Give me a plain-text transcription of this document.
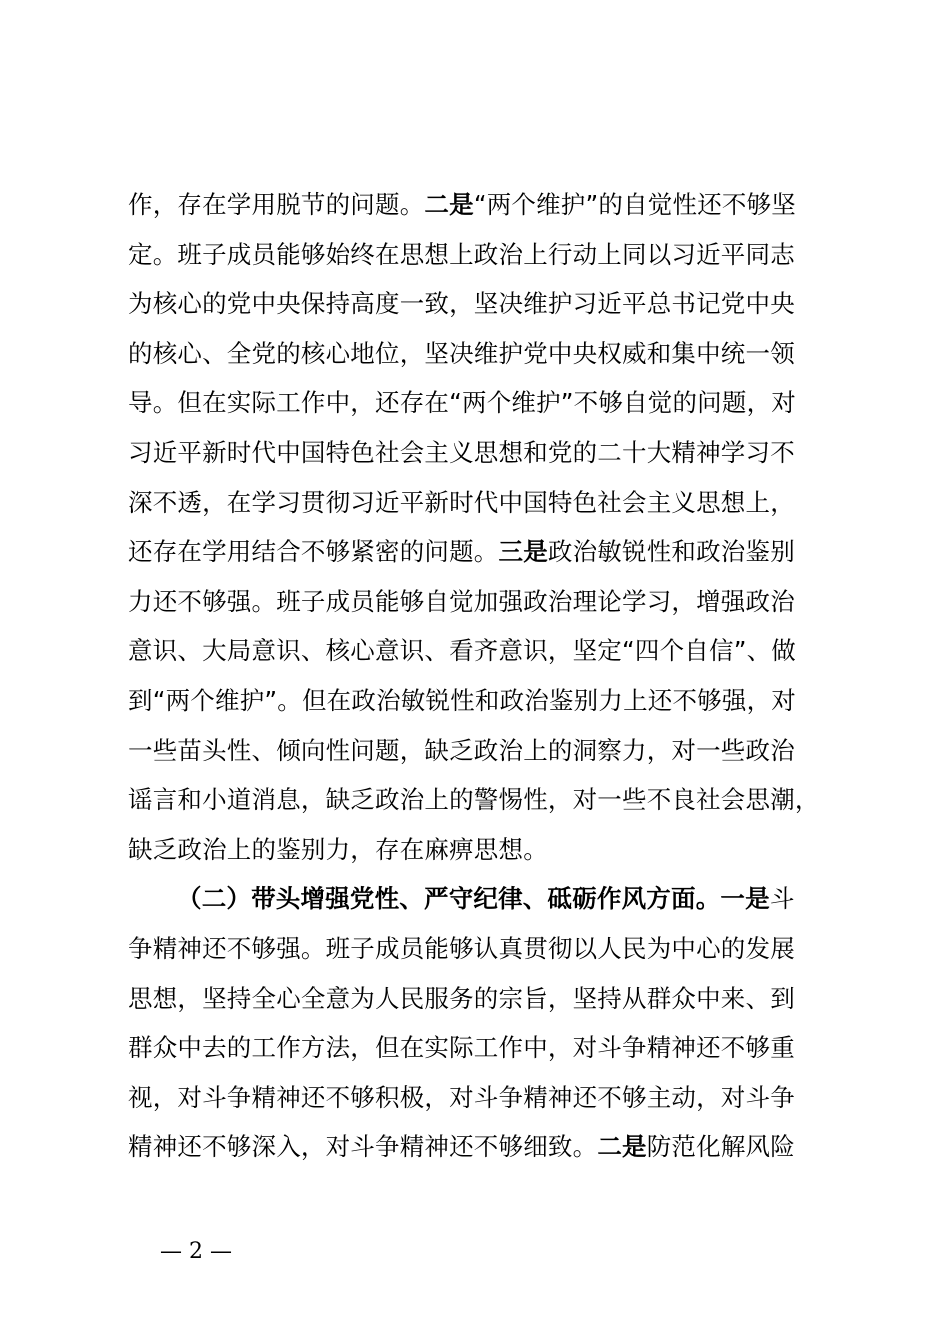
作，存在学用脱节的问题。二是“两个维护”的自觉性还不够坚
定。班子成员能够始终在思想上政治上行动上同以习近平同志
为核心的党中央保持高度一致，坚决维护习近平总书记党中央
的核心、全党的核心地位，坚决维护党中央权威和集中统一领
导。但在实际工作中，还存在“两个维护”不够自觉的问题，对
习近平新时代中国特色社会主义思想和党的二十大精神学习不
深不透，在学习贯彻习近平新时代中国特色社会主义思想上，
还存在学用结合不够紧密的问题。三是政治敏锐性和政治鉴别
力还不够强。班子成员能够自觉加强政治理论学习，增强政治
意识、大局意识、核心意识、看齐意识，坚定“四个自信”、做
到“两个维护”。但在政治敏锐性和政治鉴别力上还不够强，对
一些苗头性、倾向性问题，缺乏政治上的洞察力，对一些政治
谣言和小道消息，缺乏政治上的警惕性，对一些不良社会思潮，
缺乏政治上的鉴别力，存在麻痹思想。
（二）带头增强党性、严守纪律、砥砺作风方面。一是斗
争精神还不够强。班子成员能够认真贯彻以人民为中心的发展
思想，坚持全心全意为人民服务的宗旨，坚持从群众中来、到
群众中去的工作方法，但在实际工作中，对斗争精神还不够重
视，对斗争精神还不够积极，对斗争精神还不够主动，对斗争
精神还不够深入，对斗争精神还不够细致。二是防范化解风险
— 2 —
